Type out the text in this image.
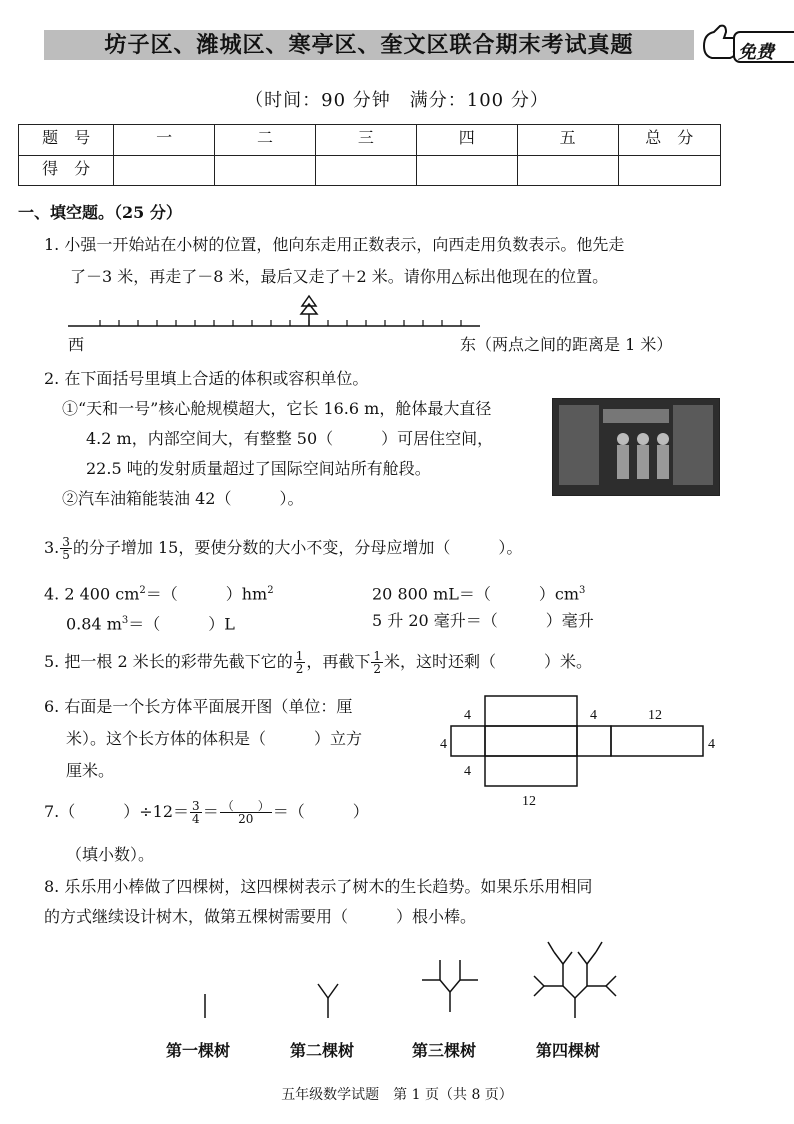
坊子区、潍城区、寒亭区、奎文区联合期末考试真题	免费
（时间：90 分钟　满分：100 分）
题　号	一	二	三	四	五	总　分
得　分						
一、填空题。（25 分）
1. 小强一开始站在小树的位置，他向东走用正数表示，向西走用负数表示。他先走
了－3 米，再走了－8 米，最后又走了＋2 米。请你用△标出他现在的位置。
西	东（两点之间的距离是 1 米）
2. 在下面括号里填上合适的体积或容积单位。
①“天和一号”核心舱规模超大，它长 16.6 m，舱体最大直径
4.2 m，内部空间大，有整整 50（　　　）可居住空间，
22.5 吨的发射质量超过了国际空间站所有舱段。
②汽车油箱能装油 42（　　　）。
3. $\frac{3}{5}$ 的分子增加 15，要使分数的大小不变，分母应增加（　　　）。
4. 2 400 $cm^2=$（　　　）$hm^2$	20 800 mL＝（　　　）$cm^3$
0.84 $m^3=$（　　　）L	5 升 20 毫升＝（　　　）毫升
5. 把一根 2 米长的彩带先截下它的 $\frac{1}{2}$ ，再截下 $\frac{1}{2}$ 米，这时还剩（　　　）米。
6. 右面是一个长方体平面展开图（单位：厘
米）。这个长方体的体积是（　　　）立方
厘米。
4	4	12
4	4
4
12
7.（　　　）$\div 12= \frac{3}{4} = \frac{( )}{20}$ ＝（　　　）
（填小数）。
8. 乐乐用小棒做了四棵树，这四棵树表示了树木的生长趋势。如果乐乐用相同
的方式继续设计树木，做第五棵树需要用（　　　）根小棒。
第一棵树	第二棵树	第三棵树	第四棵树
五年级数学试题　第 1 页（共 8 页）
